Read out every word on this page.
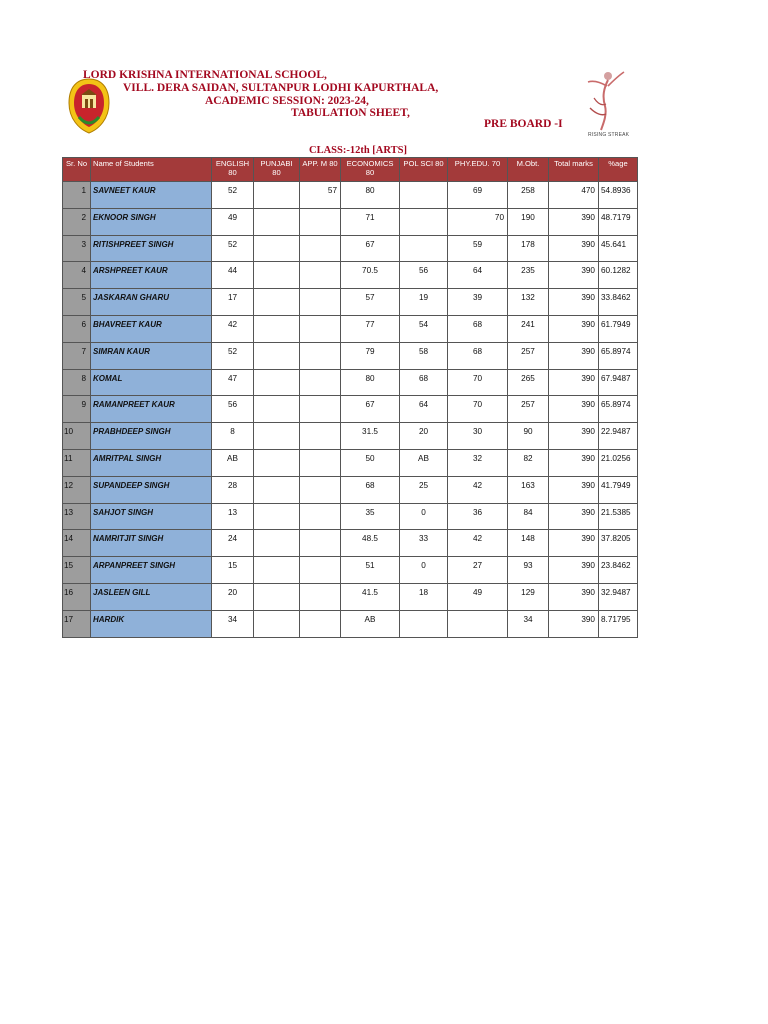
RISING STREAK
LORD KRISHNA INTERNATIONAL SCHOOL,
VILL. DERA SAIDAN, SULTANPUR LODHI KAPURTHALA,
ACADEMIC SESSION: 2023-24,
TABULATION SHEET,
PRE BOARD -I
CLASS:-12th [ARTS]
Sr. No	Name of Students	ENGLISH 80	PUNJABI 80	APP. M 80	ECONOMICS 80	POL SCI 80	PHY.EDU. 70	M.Obt.	Total marks	%age
1	SAVNEET KAUR	52		57	80		69	258	470	54.8936
2	EKNOOR SINGH	49			71		70	190	390	48.7179
3	RITISHPREET SINGH	52			67		59	178	390	45.641
4	ARSHPREET KAUR	44			70.5	56	64	235	390	60.1282
5	JASKARAN GHARU	17			57	19	39	132	390	33.8462
6	BHAVREET KAUR	42			77	54	68	241	390	61.7949
7	SIMRAN KAUR	52			79	58	68	257	390	65.8974
8	KOMAL	47			80	68	70	265	390	67.9487
9	RAMANPREET KAUR	56			67	64	70	257	390	65.8974
10	PRABHDEEP SINGH	8			31.5	20	30	90	390	22.9487
11	AMRITPAL SINGH	AB			50	AB	32	82	390	21.0256
12	SUPANDEEP SINGH	28			68	25	42	163	390	41.7949
13	SAHJOT SINGH	13			35	0	36	84	390	21.5385
14	NAMRITJIT SINGH	24			48.5	33	42	148	390	37.8205
15	ARPANPREET SINGH	15			51	0	27	93	390	23.8462
16	JASLEEN GILL	20			41.5	18	49	129	390	32.9487
17	HARDIK	34			AB			34	390	8.71795
